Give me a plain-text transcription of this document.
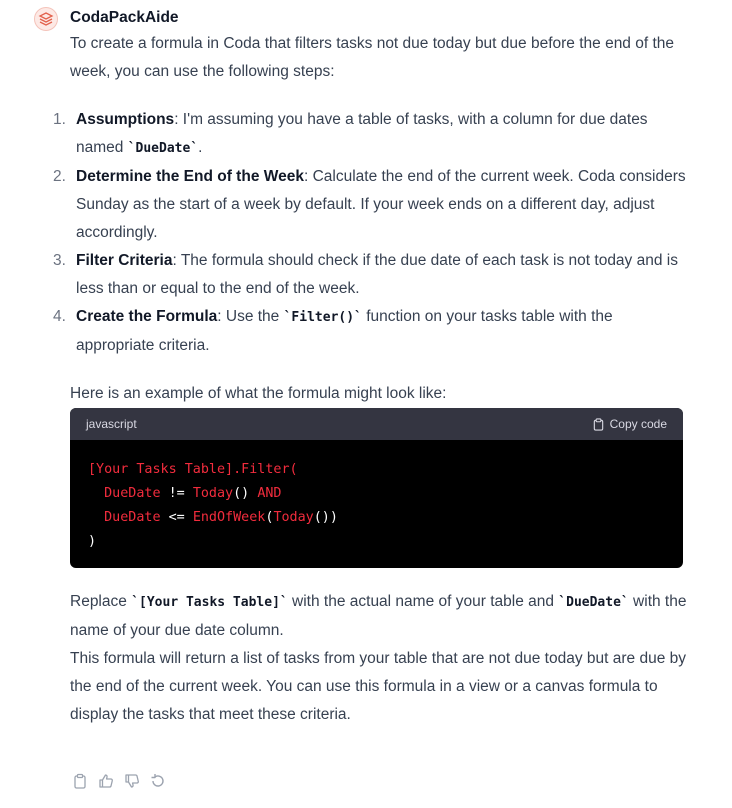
CodaPackAide

To create a formula in Coda that filters tasks not due today but due before the end of the week, you can use the following steps:

1. Assumptions: I'm assuming you have a table of tasks, with a column for due dates named `DueDate`.
2. Determine the End of the Week: Calculate the end of the current week. Coda considers Sunday as the start of a week by default. If your week ends on a different day, adjust accordingly.
3. Filter Criteria: The formula should check if the due date of each task is not today and is less than or equal to the end of the week.
4. Create the Formula: Use the `Filter()` function on your tasks table with the appropriate criteria.

Here is an example of what the formula might look like:

javascript	Copy code
[Your Tasks Table].Filter(
DueDate != Today() AND
DueDate <= EndOfWeek(Today())
)

Replace `[Your Tasks Table]` with the actual name of your table and `DueDate` with the name of your due date column.

This formula will return a list of tasks from your table that are not due today but are due by the end of the current week. You can use this formula in a view or a canvas formula to display the tasks that meet these criteria.
